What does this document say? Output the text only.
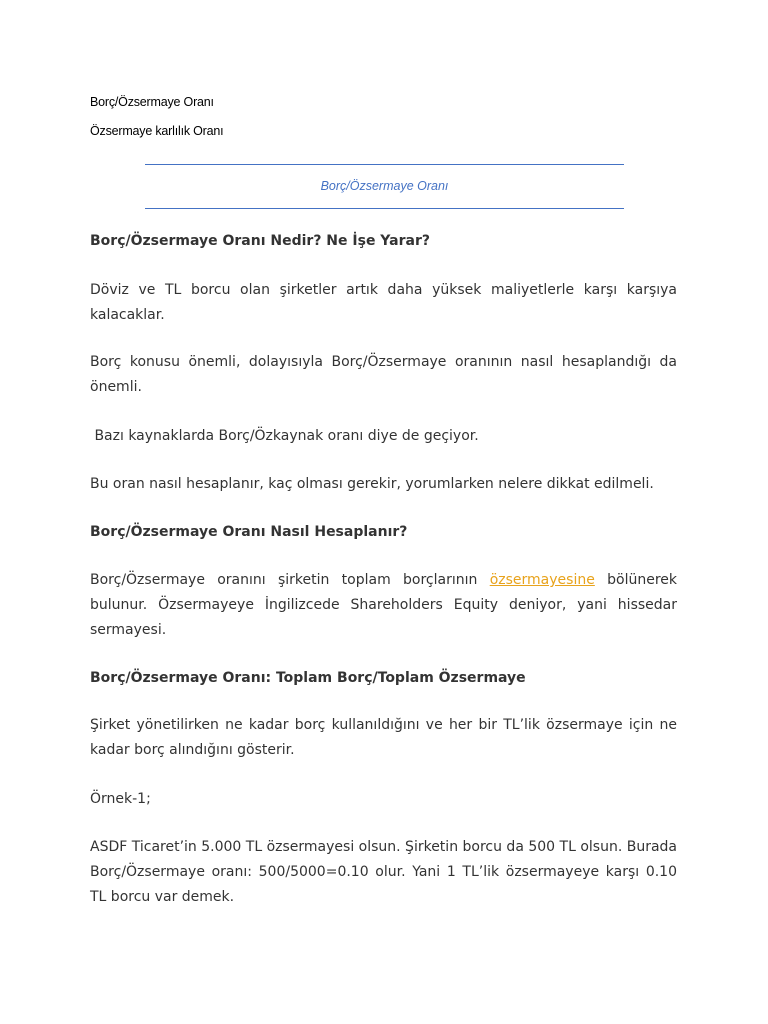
Borç/Özsermaye Oranı
Özsermaye karlılık Oranı
Borç/Özsermaye Oranı
Borç/Özsermaye Oranı Nedir? Ne İşe Yarar?

Döviz ve TL borcu olan şirketler artık daha yüksek maliyetlerle karşı karşıya kalacaklar.

Borç konusu önemli, dolayısıyla Borç/Özsermaye oranının nasıl hesaplandığı da önemli.

Bazı kaynaklarda Borç/Özkaynak oranı diye de geçiyor.

Bu oran nasıl hesaplanır, kaç olması gerekir, yorumlarken nelere dikkat edilmeli.

Borç/Özsermaye Oranı Nasıl Hesaplanır?

Borç/Özsermaye oranını şirketin toplam borçlarının özsermayesine bölünerek bulunur. Özsermayeye İngilizcede Shareholders Equity deniyor, yani hissedar sermayesi.

Borç/Özsermaye Oranı: Toplam Borç/Toplam Özsermaye

Şirket yönetilirken ne kadar borç kullanıldığını ve her bir TL’lik özsermaye için ne kadar borç alındığını gösterir.

Örnek-1;

ASDF Ticaret’in 5.000 TL özsermayesi olsun. Şirketin borcu da 500 TL olsun. Burada Borç/Özsermaye oranı: 500/5000=0.10 olur. Yani 1 TL’lik özsermayeye karşı 0.10 TL borcu var demek.
